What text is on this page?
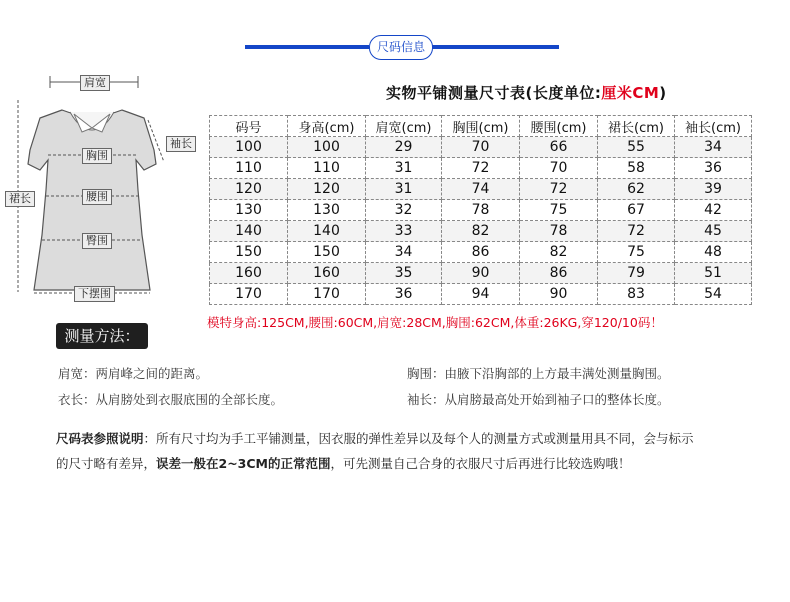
尺码信息
肩宽
袖长
胸围
裙长	腰围
臀围
下摆围
实物平铺测量尺寸表(长度单位:厘米CM)
码号	身高(cm)	肩宽(cm)	胸围(cm)	腰围(cm)	裙长(cm)	袖长(cm)
100	100	29	70	66	55	34
110	110	31	72	70	58	36
120	120	31	74	72	62	39
130	130	32	78	75	67	42
140	140	33	82	78	72	45
150	150	34	86	82	75	48
160	160	35	90	86	79	51
170	170	36	94	90	83	54
模特身高:125CM,腰围:60CM,肩宽:28CM,胸围:62CM,体重:26KG,穿120/10码！
测量方法：
肩宽：两肩峰之间的距离。	胸围：由腋下沿胸部的上方最丰满处测量胸围。
衣长：从肩膀处到衣服底围的全部长度。	袖长：从肩膀最高处开始到袖子口的整体长度。
尺码表参照说明：所有尺寸均为手工平铺测量，因衣服的弹性差异以及每个人的测量方式或测量用具不同，会与标示
的尺寸略有差异，误差一般在2~3CM的正常范围，可先测量自己合身的衣服尺寸后再进行比较选购哦！
